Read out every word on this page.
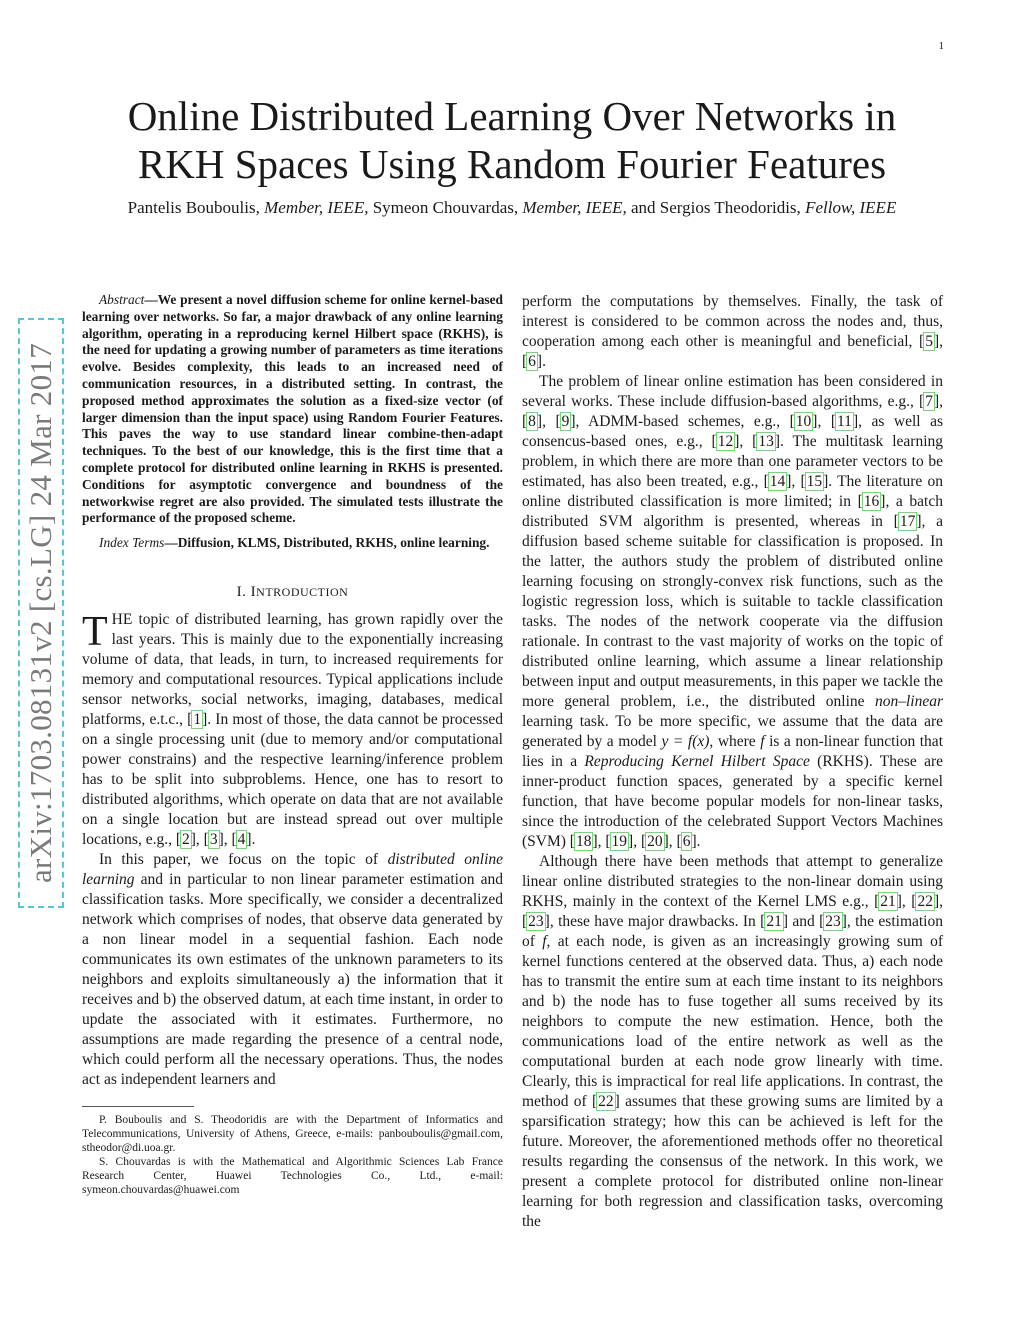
1
arXiv:1703.08131v2 [cs.LG] 24 Mar 2017
Online Distributed Learning Over Networks in
RKH Spaces Using Random Fourier Features
Pantelis Bouboulis, Member, IEEE, Symeon Chouvardas, Member, IEEE, and Sergios Theodoridis, Fellow, IEEE

Abstract—We present a novel diffusion scheme for online kernel-based learning over networks. So far, a major drawback of any online learning algorithm, operating in a reproducing kernel Hilbert space (RKHS), is the need for updating a growing number of parameters as time iterations evolve. Besides complexity, this leads to an increased need of communication resources, in a distributed setting. In contrast, the proposed method approximates the solution as a fixed-size vector (of larger dimension than the input space) using Random Fourier Features. This paves the way to use standard linear combine-then-adapt techniques. To the best of our knowledge, this is the first time that a complete protocol for distributed online learning in RKHS is presented. Conditions for asymptotic convergence and boundness of the networkwise regret are also provided. The simulated tests illustrate the performance of the proposed scheme.

Index Terms—Diffusion, KLMS, Distributed, RKHS, online learning.

I. INTRODUCTION

THE topic of distributed learning, has grown rapidly over the last years. This is mainly due to the exponentially increasing volume of data, that leads, in turn, to increased requirements for memory and computational resources. Typical applications include sensor networks, social networks, imaging, databases, medical platforms, e.t.c., [1]. In most of those, the data cannot be processed on a single processing unit (due to memory and/or computational power constrains) and the respective learning/inference problem has to be split into subproblems. Hence, one has to resort to distributed algorithms, which operate on data that are not available on a single location but are instead spread out over multiple locations, e.g., [2], [3], [4].

In this paper, we focus on the topic of distributed online learning and in particular to non linear parameter estimation and classification tasks. More specifically, we consider a decentralized network which comprises of nodes, that observe data generated by a non linear model in a sequential fashion. Each node communicates its own estimates of the unknown parameters to its neighbors and exploits simultaneously a) the information that it receives and b) the observed datum, at each time instant, in order to update the associated with it estimates. Furthermore, no assumptions are made regarding the presence of a central node, which could perform all the necessary operations. Thus, the nodes act as independent learners and

P. Bouboulis and S. Theodoridis are with the Department of Informatics and Telecommunications, University of Athens, Greece, e-mails: panbouboulis@gmail.com, stheodor@di.uoa.gr.

S. Chouvardas is with the Mathematical and Algorithmic Sciences Lab France Research Center, Huawei Technologies Co., Ltd., e-mail: symeon.chouvardas@huawei.com

perform the computations by themselves. Finally, the task of interest is considered to be common across the nodes and, thus, cooperation among each other is meaningful and beneficial, [5], [6].

The problem of linear online estimation has been considered in several works. These include diffusion-based algorithms, e.g., [7], [8], [9], ADMM-based schemes, e.g., [10], [11], as well as consencus-based ones, e.g., [12], [13]. The multitask learning problem, in which there are more than one parameter vectors to be estimated, has also been treated, e.g., [14], [15]. The literature on online distributed classification is more limited; in [16], a batch distributed SVM algorithm is presented, whereas in [17], a diffusion based scheme suitable for classification is proposed. In the latter, the authors study the problem of distributed online learning focusing on strongly-convex risk functions, such as the logistic regression loss, which is suitable to tackle classification tasks. The nodes of the network cooperate via the diffusion rationale. In contrast to the vast majority of works on the topic of distributed online learning, which assume a linear relationship between input and output measurements, in this paper we tackle the more general problem, i.e., the distributed online non–linear learning task. To be more specific, we assume that the data are generated by a model y = f(x), where f is a non-linear function that lies in a Reproducing Kernel Hilbert Space (RKHS). These are inner-product function spaces, generated by a specific kernel function, that have become popular models for non-linear tasks, since the introduction of the celebrated Support Vectors Machines (SVM) [18], [19], [20], [6].

Although there have been methods that attempt to generalize linear online distributed strategies to the non-linear domain using RKHS, mainly in the context of the Kernel LMS e.g., [21], [22], [23], these have major drawbacks. In [21] and [23], the estimation of f, at each node, is given as an increasingly growing sum of kernel functions centered at the observed data. Thus, a) each node has to transmit the entire sum at each time instant to its neighbors and b) the node has to fuse together all sums received by its neighbors to compute the new estimation. Hence, both the communications load of the entire network as well as the computational burden at each node grow linearly with time. Clearly, this is impractical for real life applications. In contrast, the method of [22] assumes that these growing sums are limited by a sparsification strategy; how this can be achieved is left for the future. Moreover, the aforementioned methods offer no theoretical results regarding the consensus of the network. In this work, we present a complete protocol for distributed online non-linear learning for both regression and classification tasks, overcoming the
